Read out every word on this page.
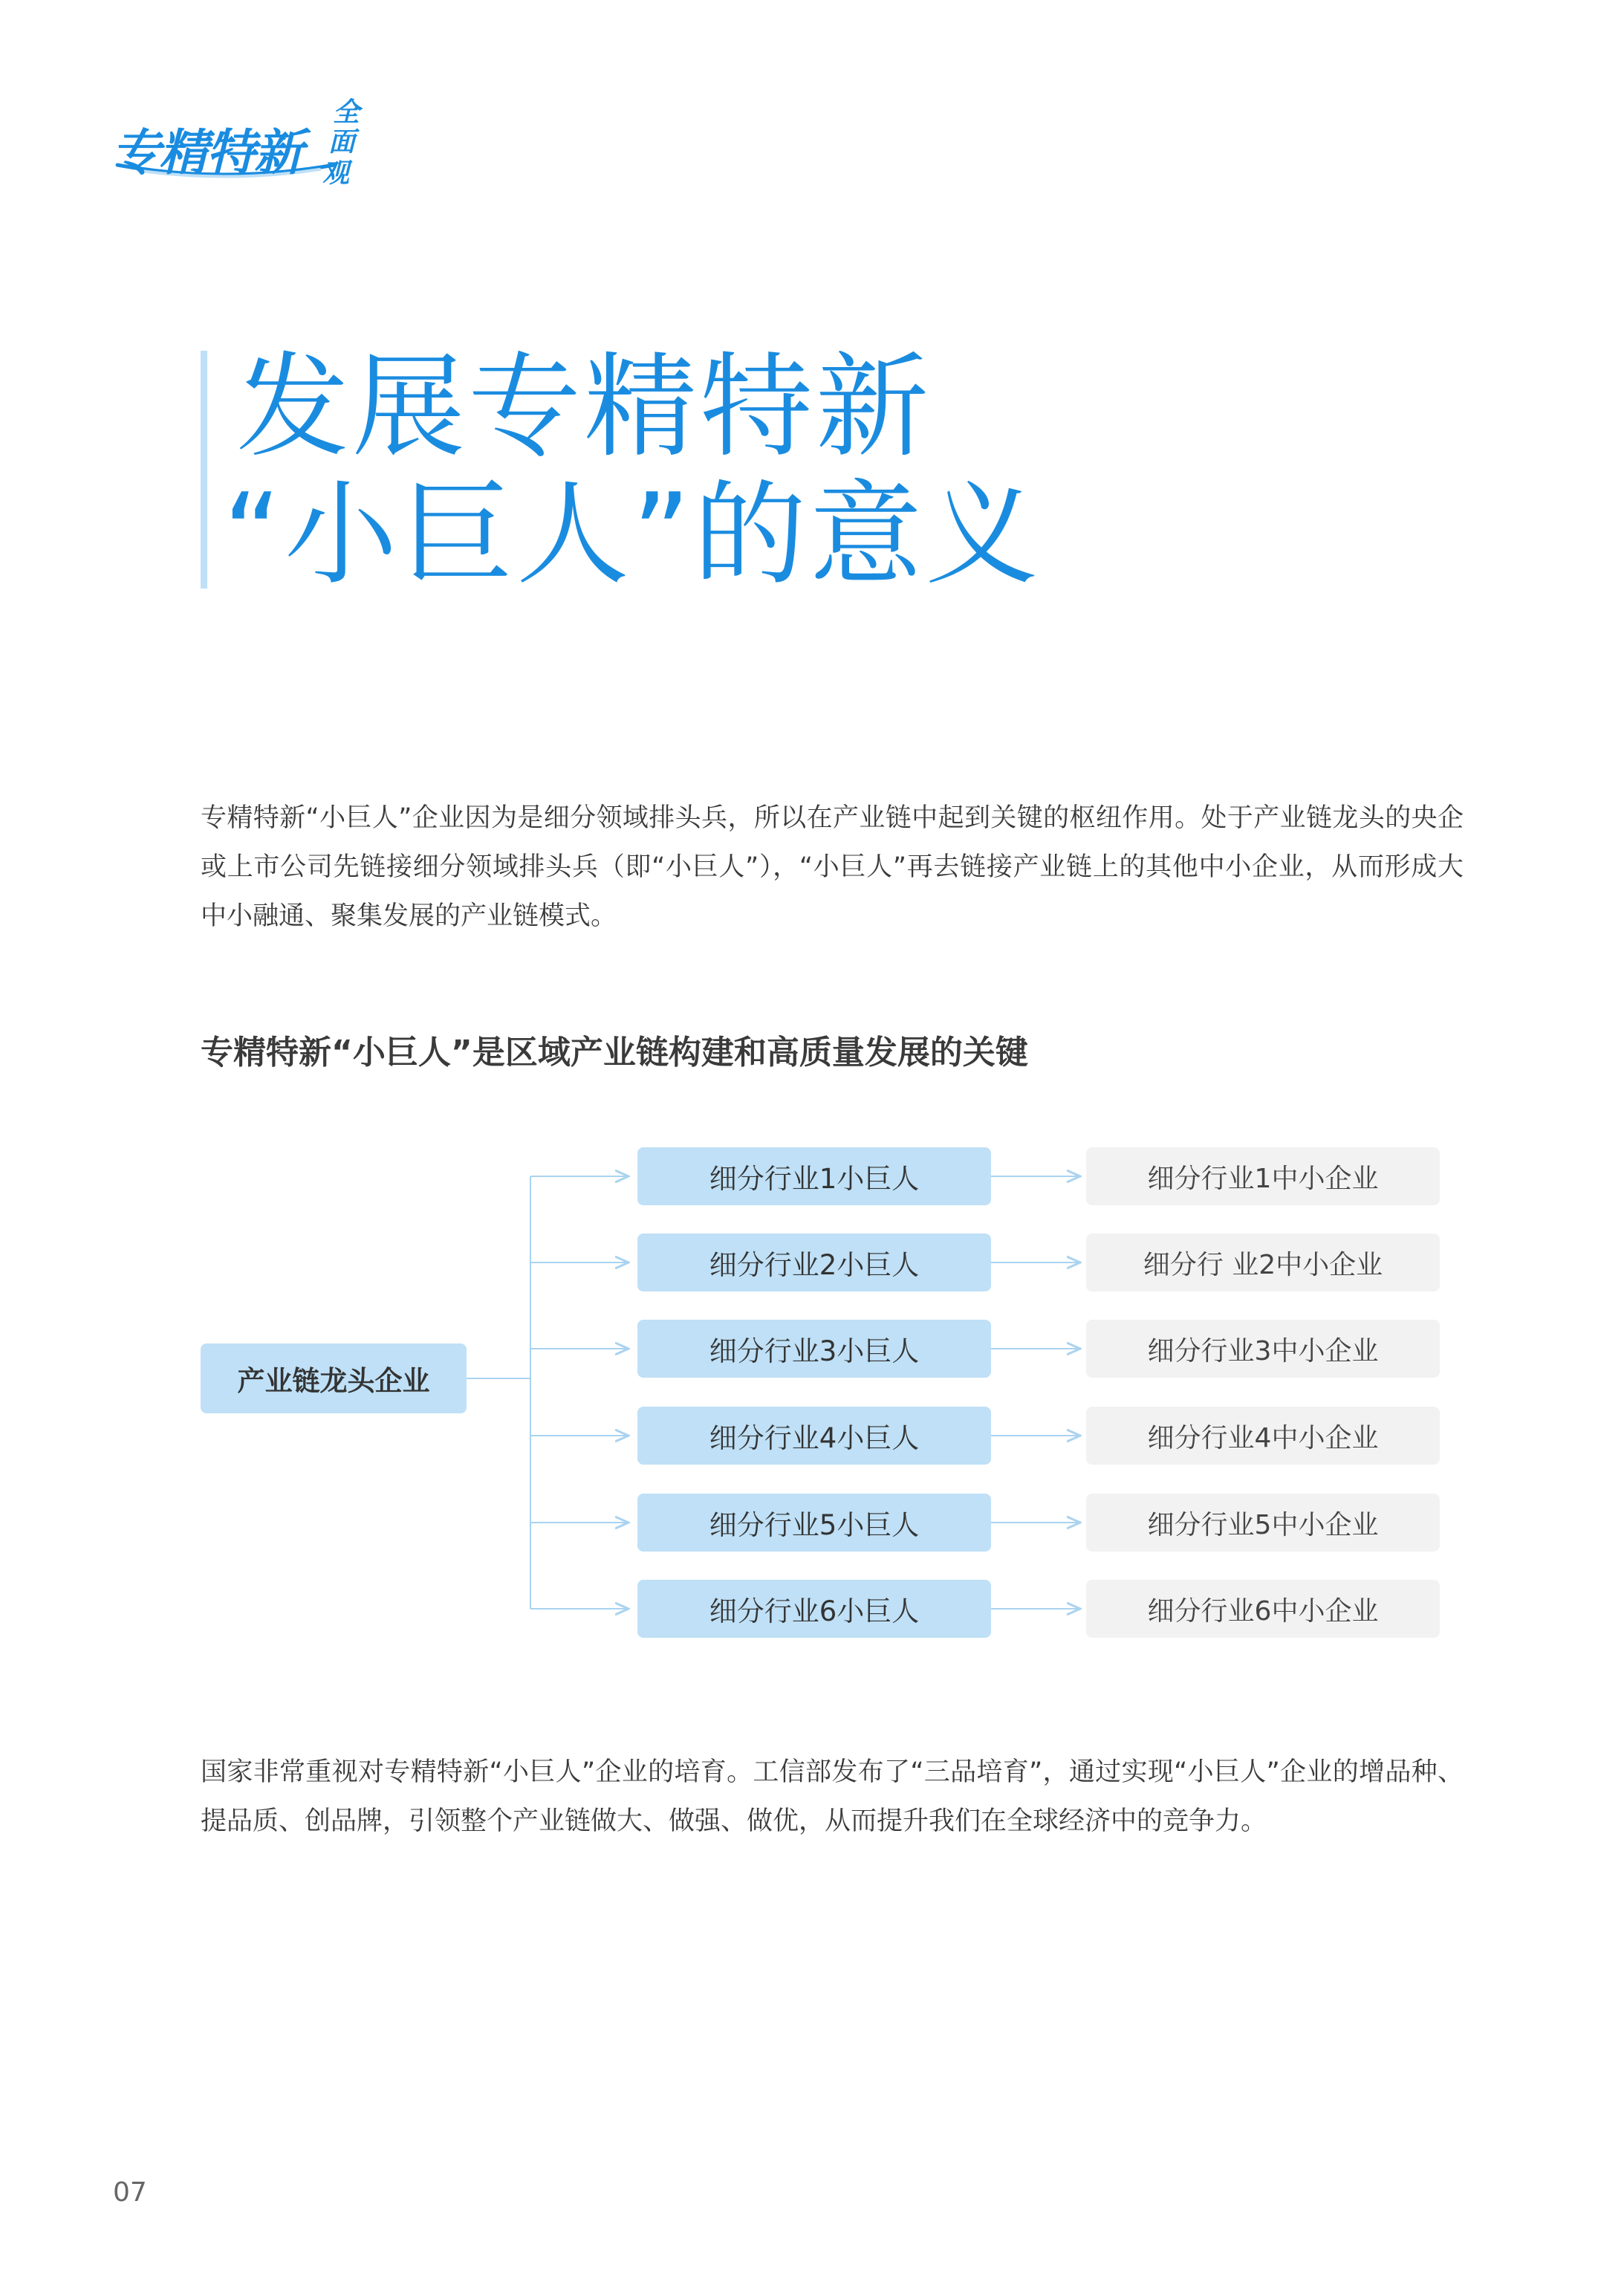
专精特新
全
面
观
发展专精特新
“小巨人”的意义
专精特新“小巨人”企业因为是细分领域排头兵，所以在产业链中起到关键的枢纽作用。处于产业链龙头的央企或上市公司先链接细分领域排头兵（即“小巨人”），“小巨人”再去链接产业链上的其他中小企业，从而形成大中小融通、聚集发展的产业链模式。
专精特新“小巨人”是区域产业链构建和高质量发展的关键
产业链龙头企业
细分行业1小巨人	细分行业1中小企业
细分行业2小巨人	细分行 业2中小企业
细分行业3小巨人	细分行业3中小企业
细分行业4小巨人	细分行业4中小企业
细分行业5小巨人	细分行业5中小企业
细分行业6小巨人	细分行业6中小企业
国家非常重视对专精特新“小巨人”企业的培育。工信部发布了“三品培育”，通过实现“小巨人”企业的增品种、提品质、创品牌，引领整个产业链做大、做强、做优，从而提升我们在全球经济中的竞争力。
07
